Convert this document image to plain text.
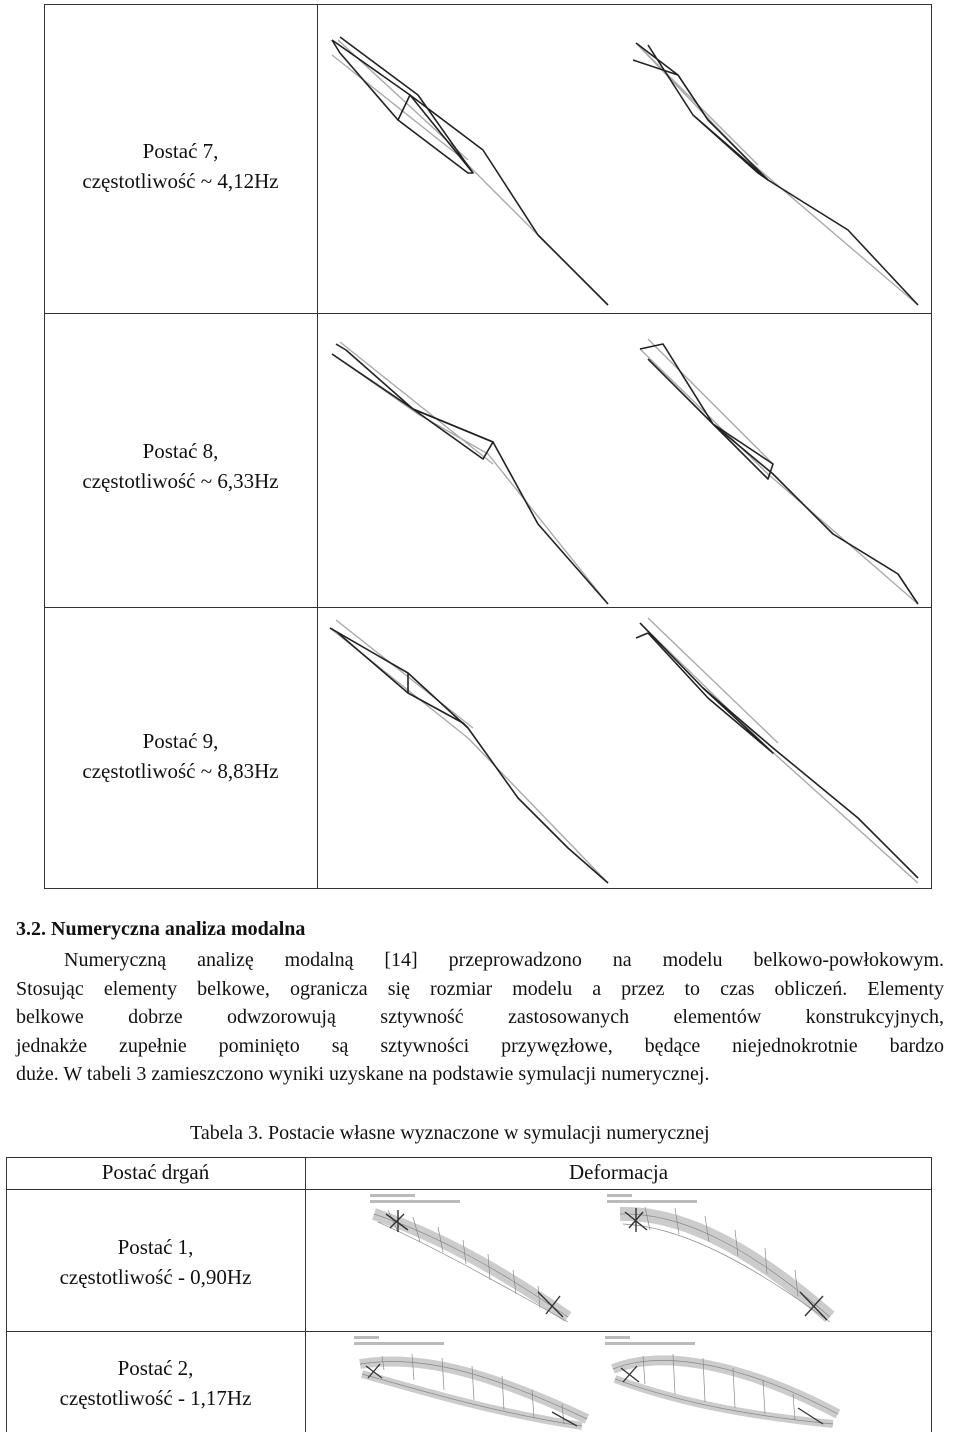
Postać 7,
częstotliwość ~ 4,12Hz
Postać 8,
częstotliwość ~ 6,33Hz
Postać 9,
częstotliwość ~ 8,83Hz
3.2. Numeryczna analiza modalna
Numeryczną analizę modalną [14] przeprowadzono na modelu belkowo-powłokowym.
Stosując elementy belkowe, ogranicza się rozmiar modelu a przez to czas obliczeń. Elementy
belkowe dobrze odwzorowują sztywność zastosowanych elementów konstrukcyjnych,
jednakże zupełnie pominięto są sztywności przywęzłowe, będące niejednokrotnie bardzo
duże. W tabeli 3 zamieszczono wyniki uzyskane na podstawie symulacji numerycznej.
Tabela 3. Postacie własne wyznaczone w symulacji numerycznej
Postać drgań	Deformacja
Postać 1,
częstotliwość - 0,90Hz
Postać 2,
częstotliwość - 1,17Hz
